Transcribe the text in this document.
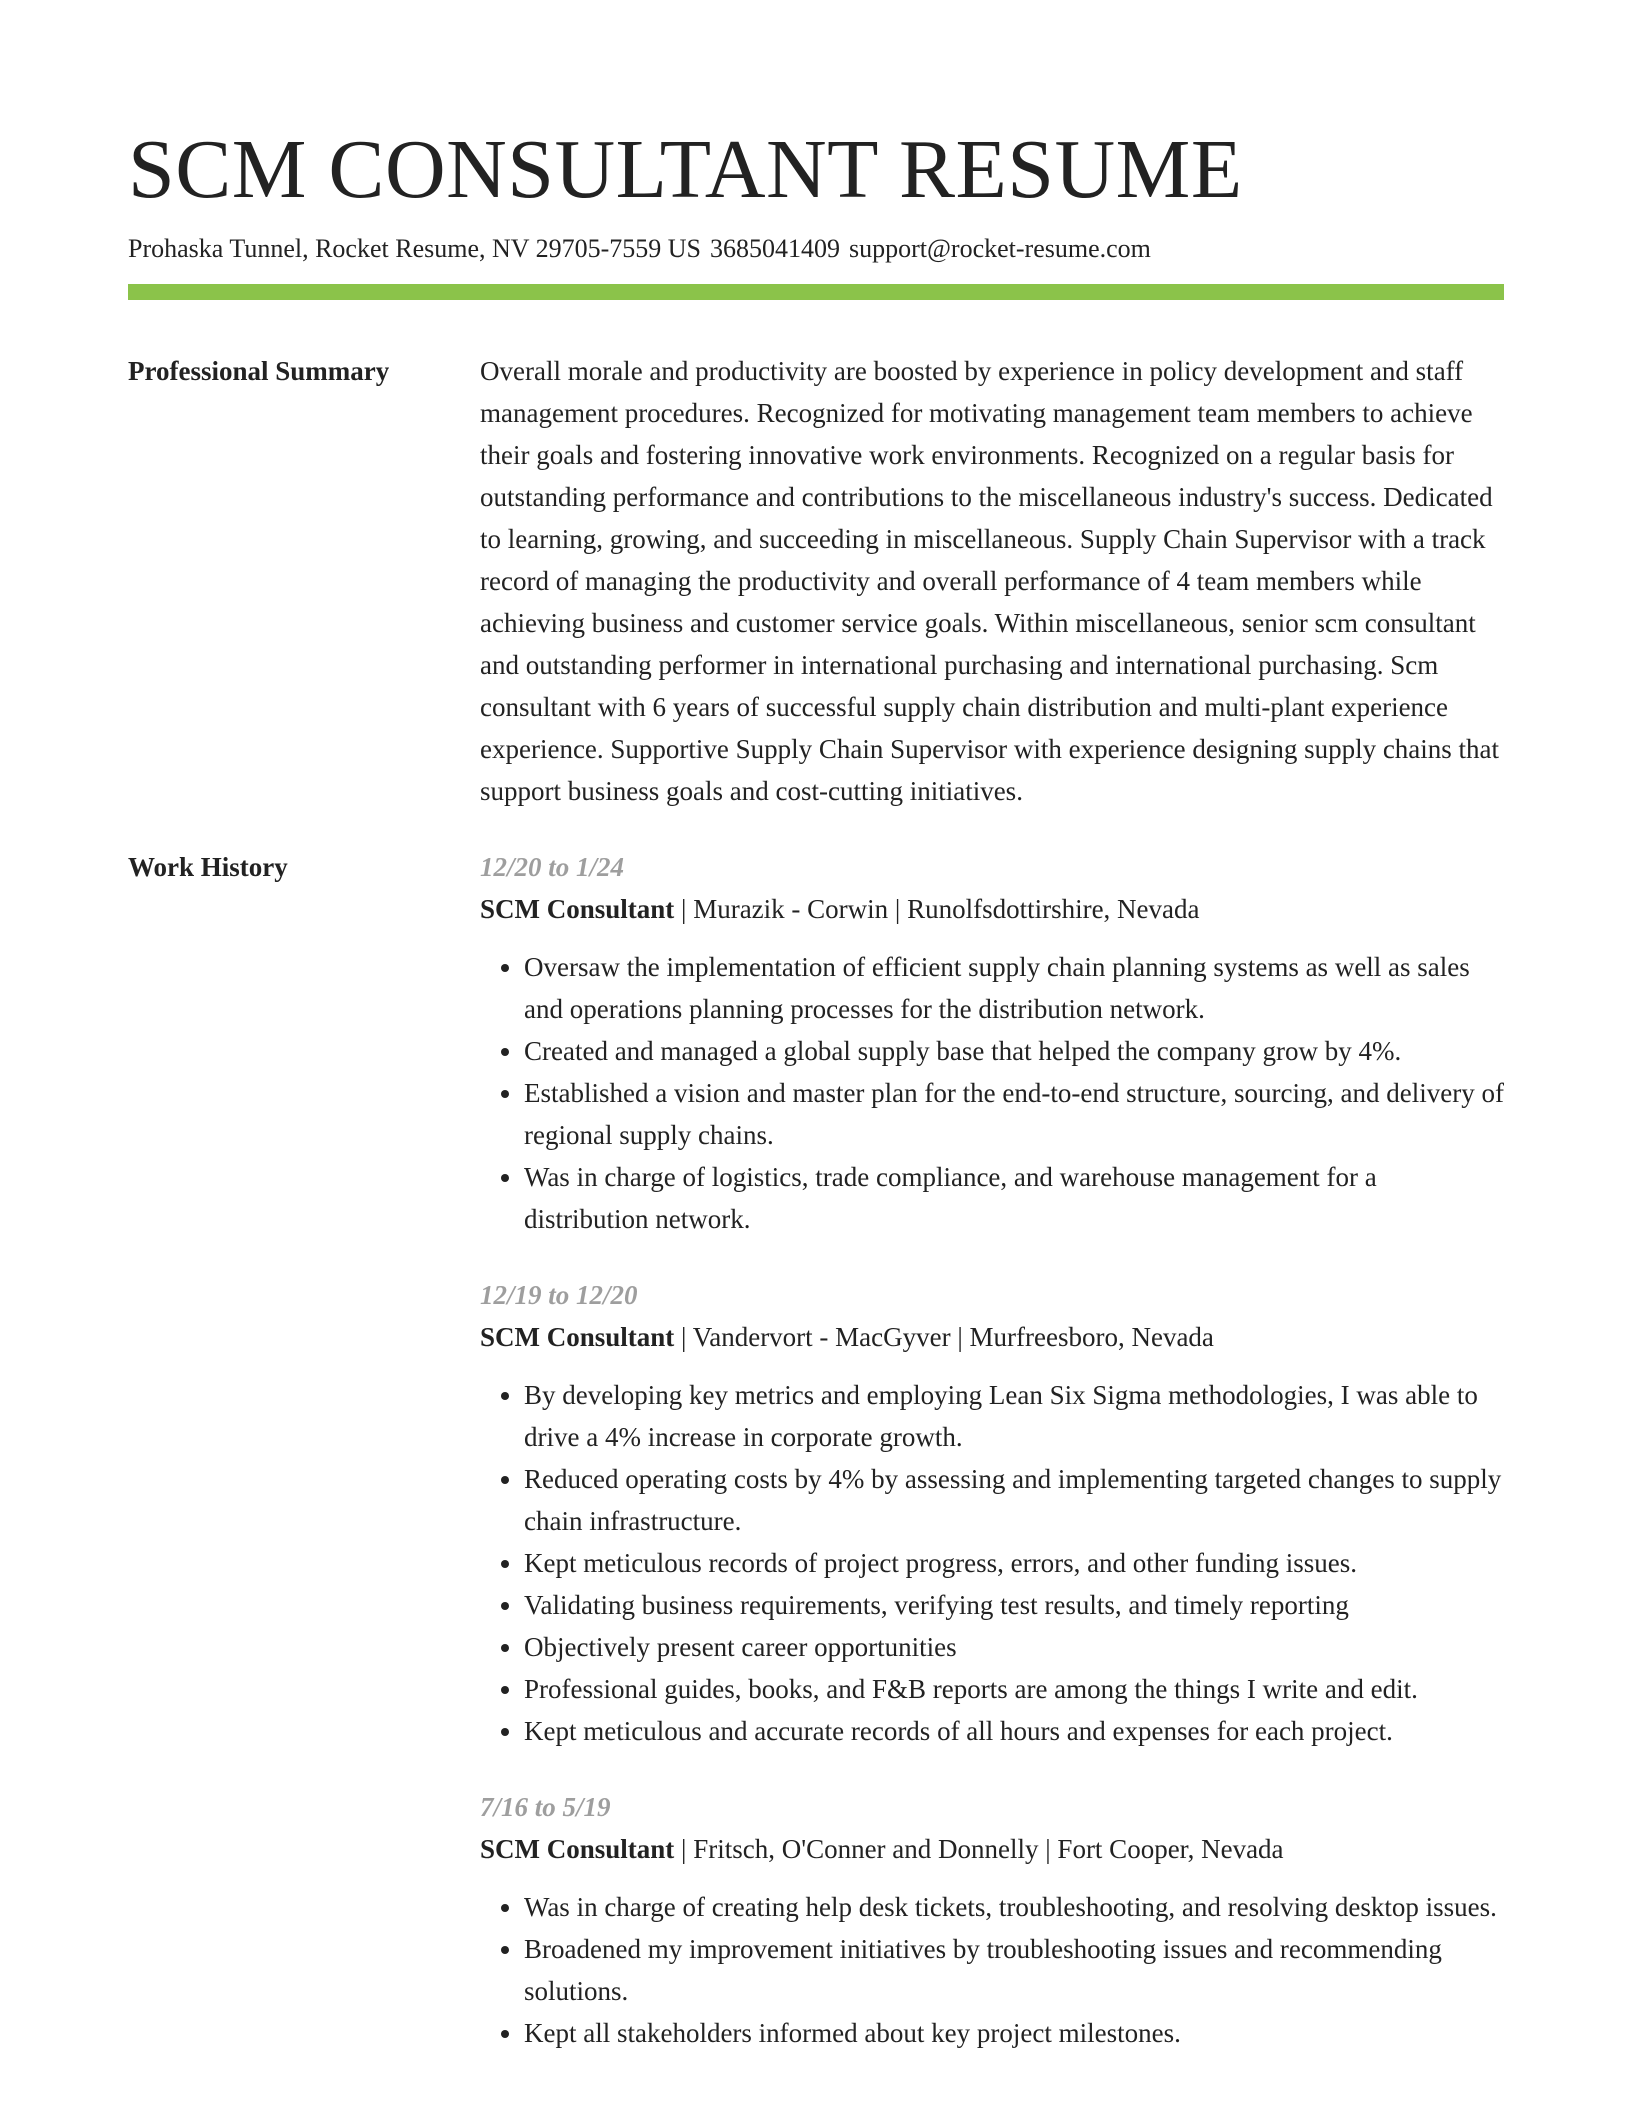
SCM CONSULTANT RESUME
Prohaska Tunnel, Rocket Resume, NV 29705-7559 US 3685041409 support@rocket-resume.com
Professional Summary	Overall morale and productivity are boosted by experience in policy development and staff management procedures. Recognized for motivating management team members to achieve their goals and fostering innovative work environments. Recognized on a regular basis for outstanding performance and contributions to the miscellaneous industry's success. Dedicated to learning, growing, and succeeding in miscellaneous. Supply Chain Supervisor with a track record of managing the productivity and overall performance of 4 team members while achieving business and customer service goals. Within miscellaneous, senior scm consultant and outstanding performer in international purchasing and international purchasing. Scm consultant with 6 years of successful supply chain distribution and multi-plant experience experience. Supportive Supply Chain Supervisor with experience designing supply chains that support business goals and cost-cutting initiatives.

Work History	12/20 to 1/24
SCM Consultant | Murazik - Corwin | Runolfsdottirshire, Nevada
• Oversaw the implementation of efficient supply chain planning systems as well as sales and operations planning processes for the distribution network.
• Created and managed a global supply base that helped the company grow by 4%.
• Established a vision and master plan for the end-to-end structure, sourcing, and delivery of regional supply chains.
• Was in charge of logistics, trade compliance, and warehouse management for a distribution network.
12/19 to 12/20
SCM Consultant | Vandervort - MacGyver | Murfreesboro, Nevada
• By developing key metrics and employing Lean Six Sigma methodologies, I was able to drive a 4% increase in corporate growth.
• Reduced operating costs by 4% by assessing and implementing targeted changes to supply chain infrastructure.
• Kept meticulous records of project progress, errors, and other funding issues.
• Validating business requirements, verifying test results, and timely reporting
• Objectively present career opportunities
• Professional guides, books, and F&B reports are among the things I write and edit.
• Kept meticulous and accurate records of all hours and expenses for each project.
7/16 to 5/19
SCM Consultant | Fritsch, O'Conner and Donnelly | Fort Cooper, Nevada
• Was in charge of creating help desk tickets, troubleshooting, and resolving desktop issues.
• Broadened my improvement initiatives by troubleshooting issues and recommending solutions.
• Kept all stakeholders informed about key project milestones.
